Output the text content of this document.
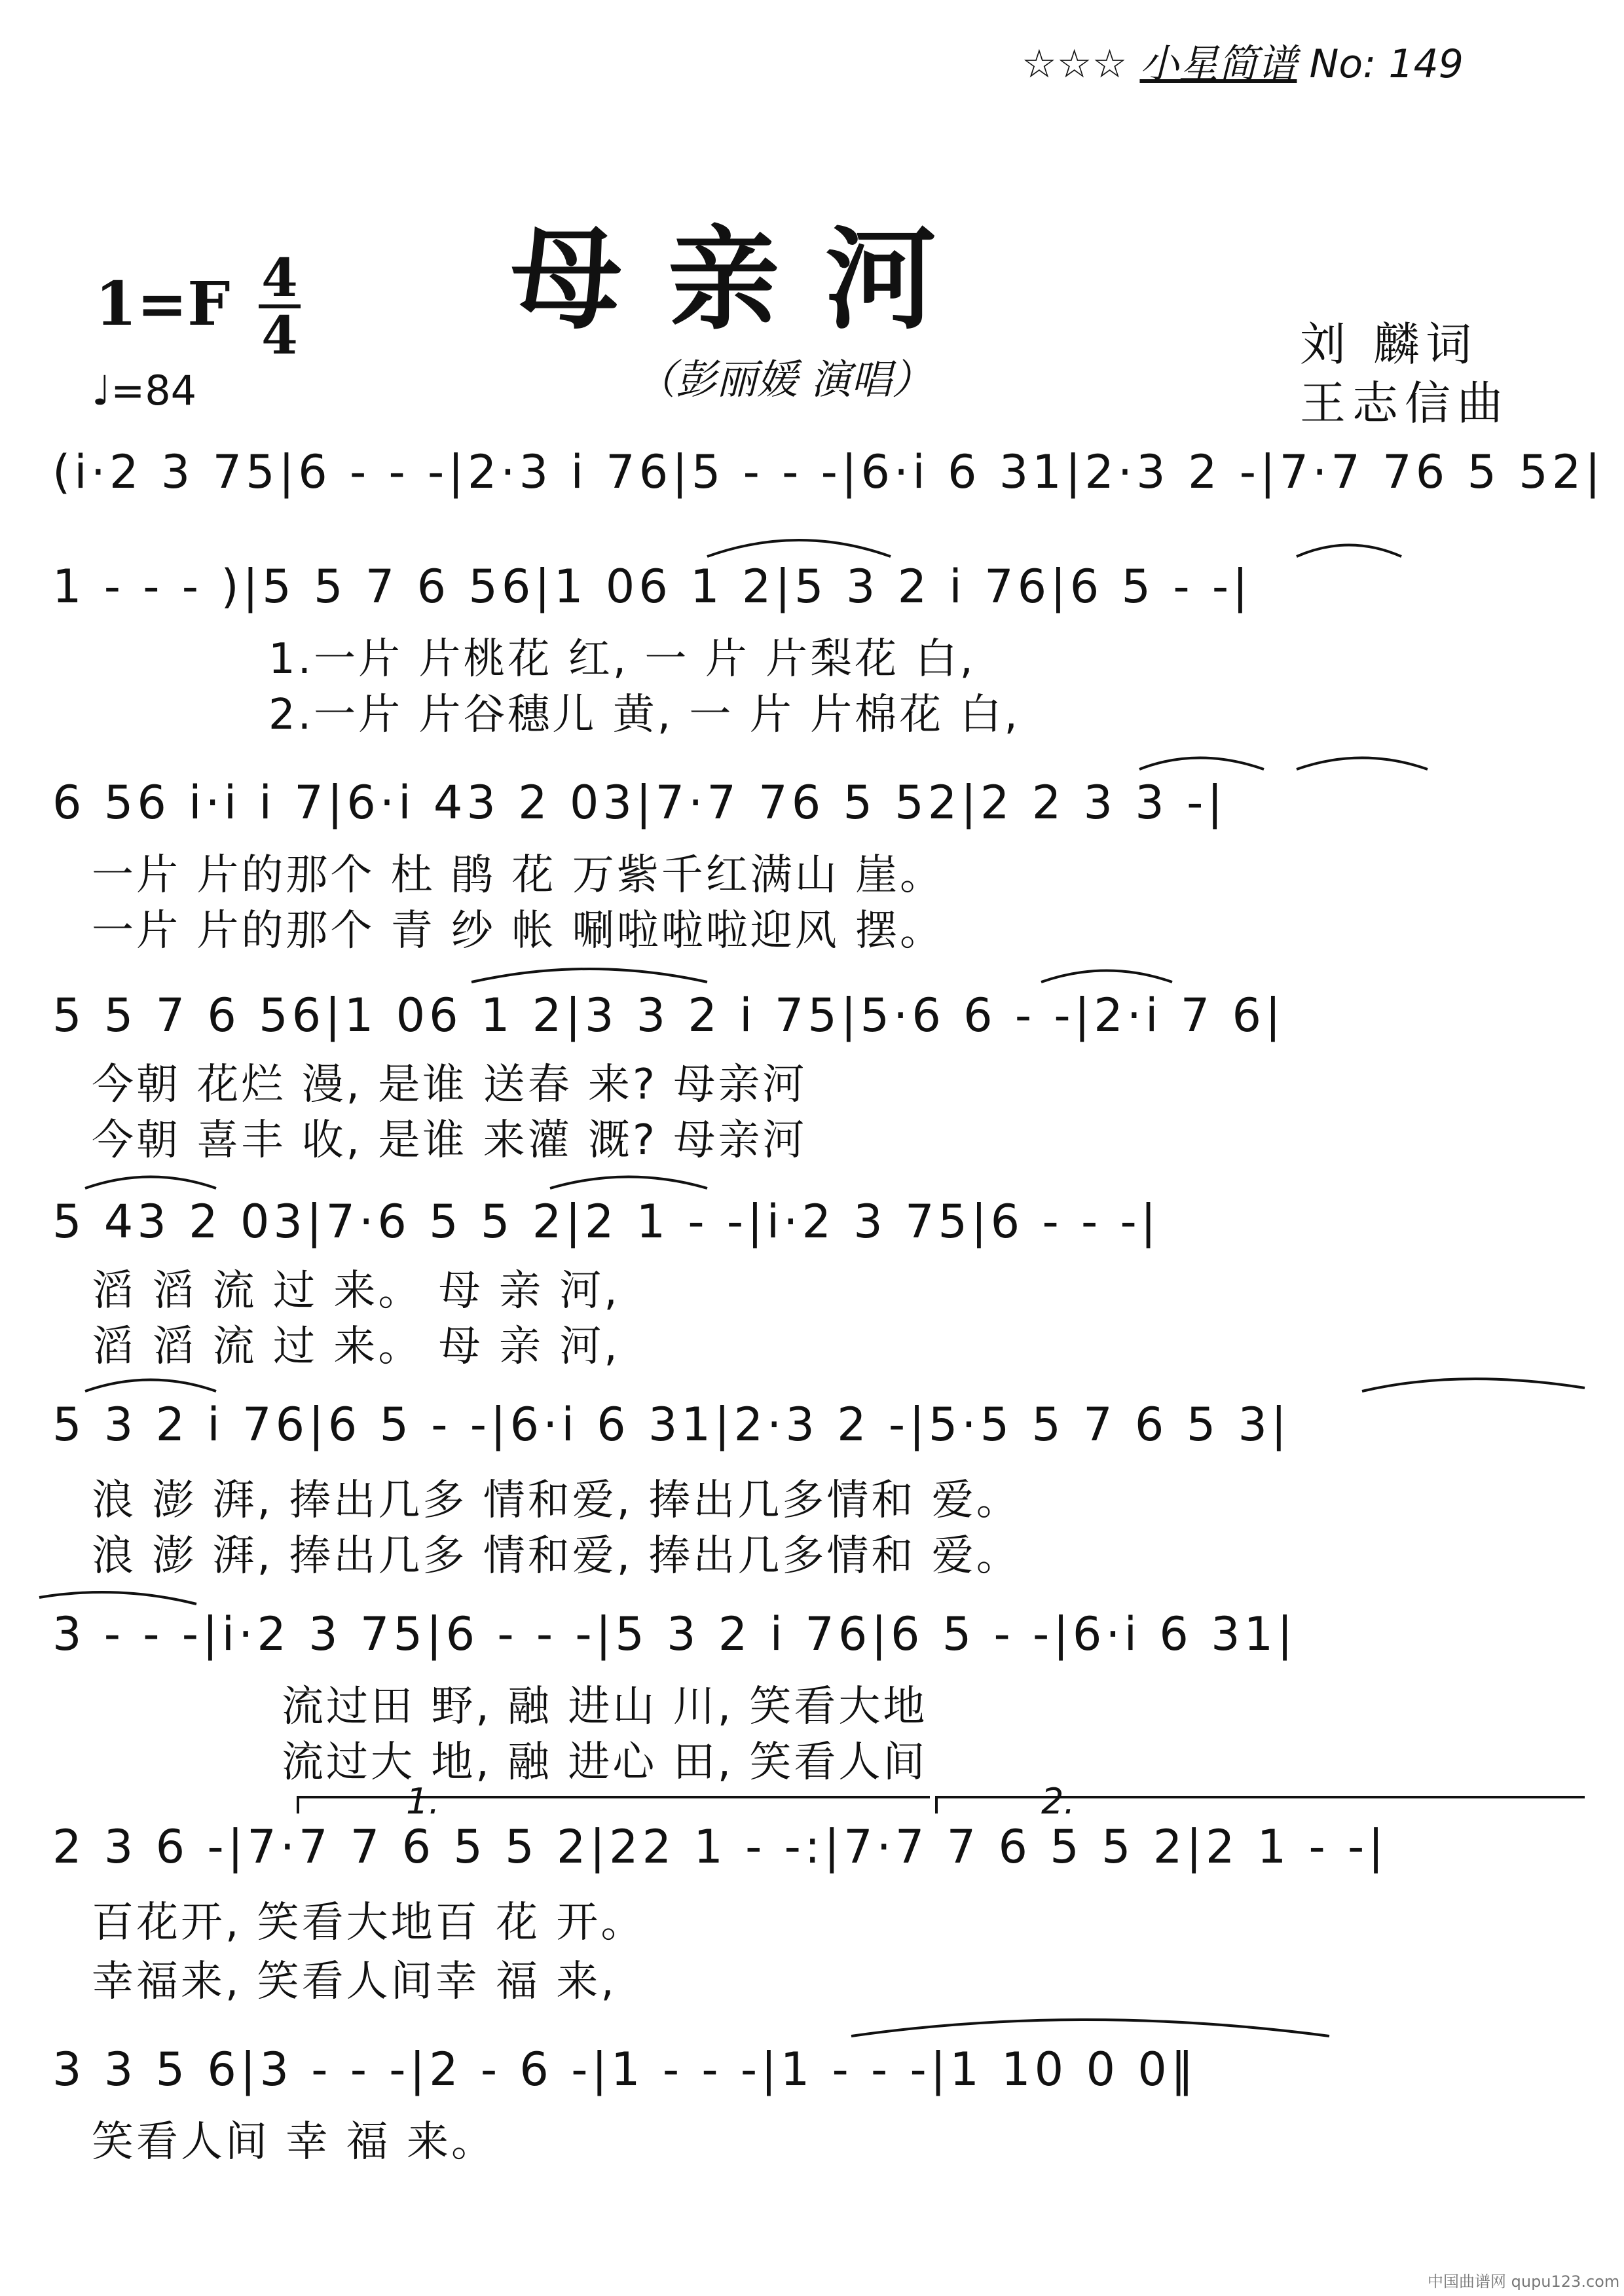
☆☆☆ 小星简谱 No: 149
母亲河
1=F 4
4
♩=84	（彭丽媛 演唱）
刘 麟词
王志信曲
(i·2 3 75|6 - - -|2·3 i 76|5 - - -|6·i 6 31|2·3 2 -|7·7 76 5 52|
1 - - - )|5 5 7 6 56|1 06 1 2|5 3 2 i 76|6 5 - -|
1.一片 片桃花 红, 一 片 片梨花 白,
2.一片 片谷穗儿 黄, 一 片 片棉花 白,
6 56 i·i i 7|6·i 43 2 03|7·7 76 5 52|2 2 3 3 -|
一片 片的那个 杜 鹃 花 万紫千红满山 崖。
一片 片的那个 青 纱 帐 唰啦啦啦迎风 摆。
5 5 7 6 56|1 06 1 2|3 3 2 i 75|5·6 6 - -|2·i 7 6|
今朝 花烂 漫, 是谁 送春 来? 母亲河
今朝 喜丰 收, 是谁 来灌 溉? 母亲河
5 43 2 03|7·6 5 5 2|2 1 - -|i·2 3 75|6 - - -|
滔 滔 流 过 来。 母 亲 河,
滔 滔 流 过 来。 母 亲 河,
5 3 2 i 76|6 5 - -|6·i 6 31|2·3 2 -|5·5 5 7 6 5 3|
浪 澎 湃, 捧出几多 情和爱, 捧出几多情和 爱。
浪 澎 湃, 捧出几多 情和爱, 捧出几多情和 爱。
3 - - -|i·2 3 75|6 - - -|5 3 2 i 76|6 5 - -|6·i 6 31|
流过田 野, 融 进山 川, 笑看大地
流过大 地, 融 进心 田, 笑看人间
1.	2.
2 3 6 -|7·7 7 6 5 5 2|22 1 - -:|7·7 7 6 5 5 2|2 1 - -|
百花开, 笑看大地百 花 开。
幸福来, 笑看人间幸 福 来,
3 3 5 6|3 - - -|2 - 6 -|1 - - -|1 - - -|1 10 0 0‖
笑看人间 幸 福 来。
中国曲谱网 qupu123.com
